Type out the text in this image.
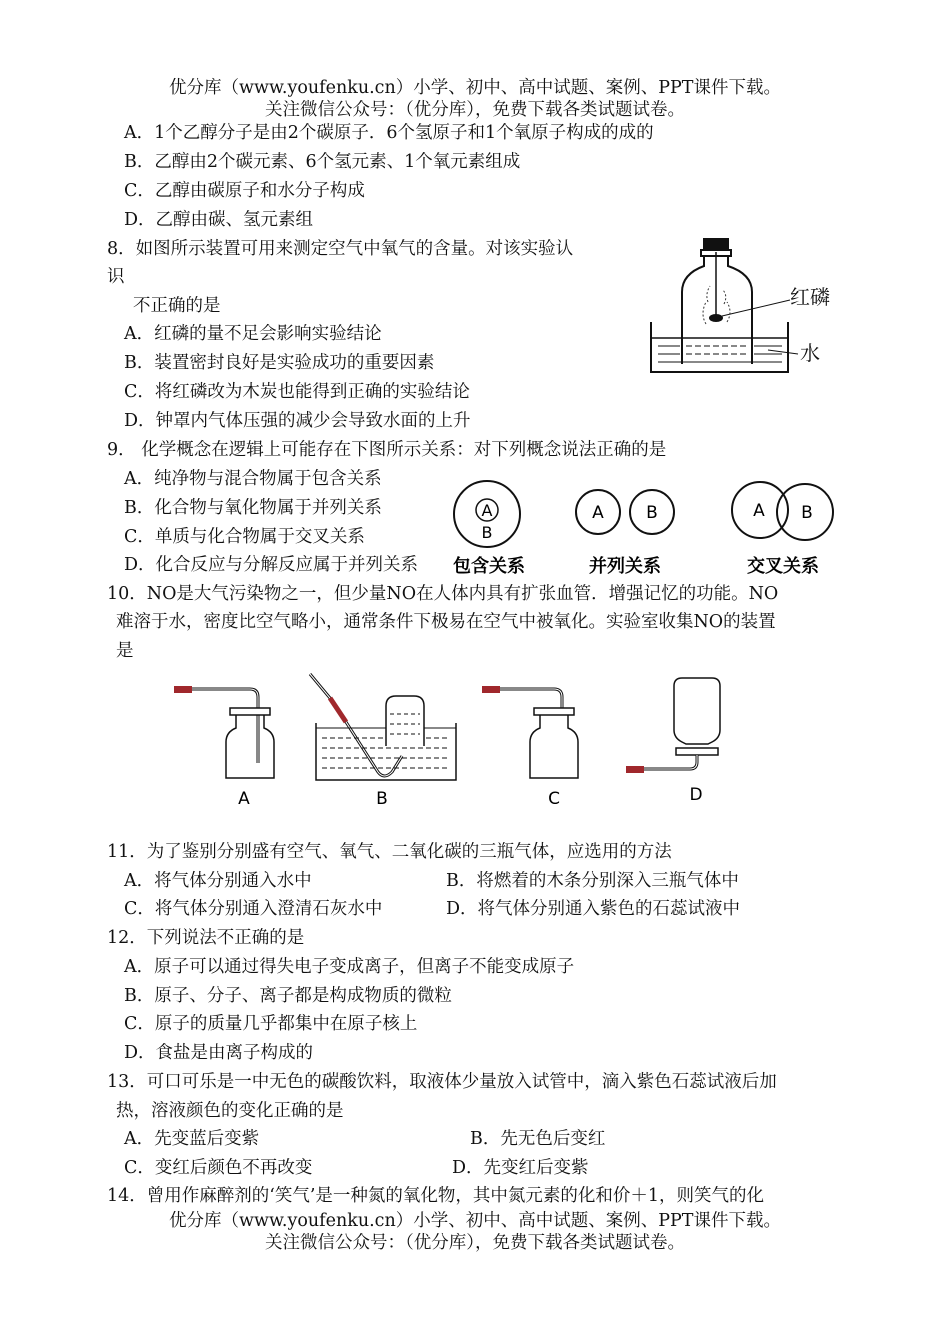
优分库（www.youfenku.cn）小学、初中、高中试题、案例、PPT课件下载。
关注微信公众号：（优分库），免费下载各类试题试卷。
A．1个乙醇分子是由2个碳原子．6个氢原子和1个氧原子构成的成的
B．乙醇由2个碳元素、6个氢元素、1个氧元素组成
C．乙醇由碳原子和水分子构成
D．乙醇由碳、氢元素组
8．如图所示装置可用来测定空气中氧气的含量。对该实验认
识
不正确的是
A．红磷的量不足会影响实验结论
B．装置密封良好是实验成功的重要因素
C．将红磷改为木炭也能得到正确的实验结论
D．钟罩内气体压强的减少会导致水面的上升
红磷
水
9． 化学概念在逻辑上可能存在下图所示关系：对下列概念说法正确的是
A．纯净物与混合物属于包含关系
B．化合物与氧化物属于并列关系
C．单质与化合物属于交叉关系
D．化合反应与分解反应属于并列关系
A
B
包含关系
A B
并列关系
A B
交叉关系
10．NO是大气污染物之一，但少量NO在人体内具有扩张血管．增强记忆的功能。NO
难溶于水，密度比空气略小，通常条件下极易在空气中被氧化。实验室收集NO的装置
是
A	B	C	D
11．为了鉴别分别盛有空气、氧气、二氧化碳的三瓶气体，应选用的方法
A．将气体分别通入水中	B．将燃着的木条分别深入三瓶气体中
C．将气体分别通入澄清石灰水中	D．将气体分别通入紫色的石蕊试液中
12．下列说法不正确的是
A．原子可以通过得失电子变成离子，但离子不能变成原子
B．原子、分子、离子都是构成物质的微粒
C．原子的质量几乎都集中在原子核上
D．食盐是由离子构成的
13．可口可乐是一中无色的碳酸饮料，取液体少量放入试管中，滴入紫色石蕊试液后加
热，溶液颜色的变化正确的是
A．先变蓝后变紫	B．先无色后变红
C．变红后颜色不再改变	D．先变红后变紫
14．曾用作麻醉剂的‘笑气’是一种氮的氧化物，其中氮元素的化和价＋1，则笑气的化
优分库（www.youfenku.cn）小学、初中、高中试题、案例、PPT课件下载。
关注微信公众号：（优分库），免费下载各类试题试卷。
